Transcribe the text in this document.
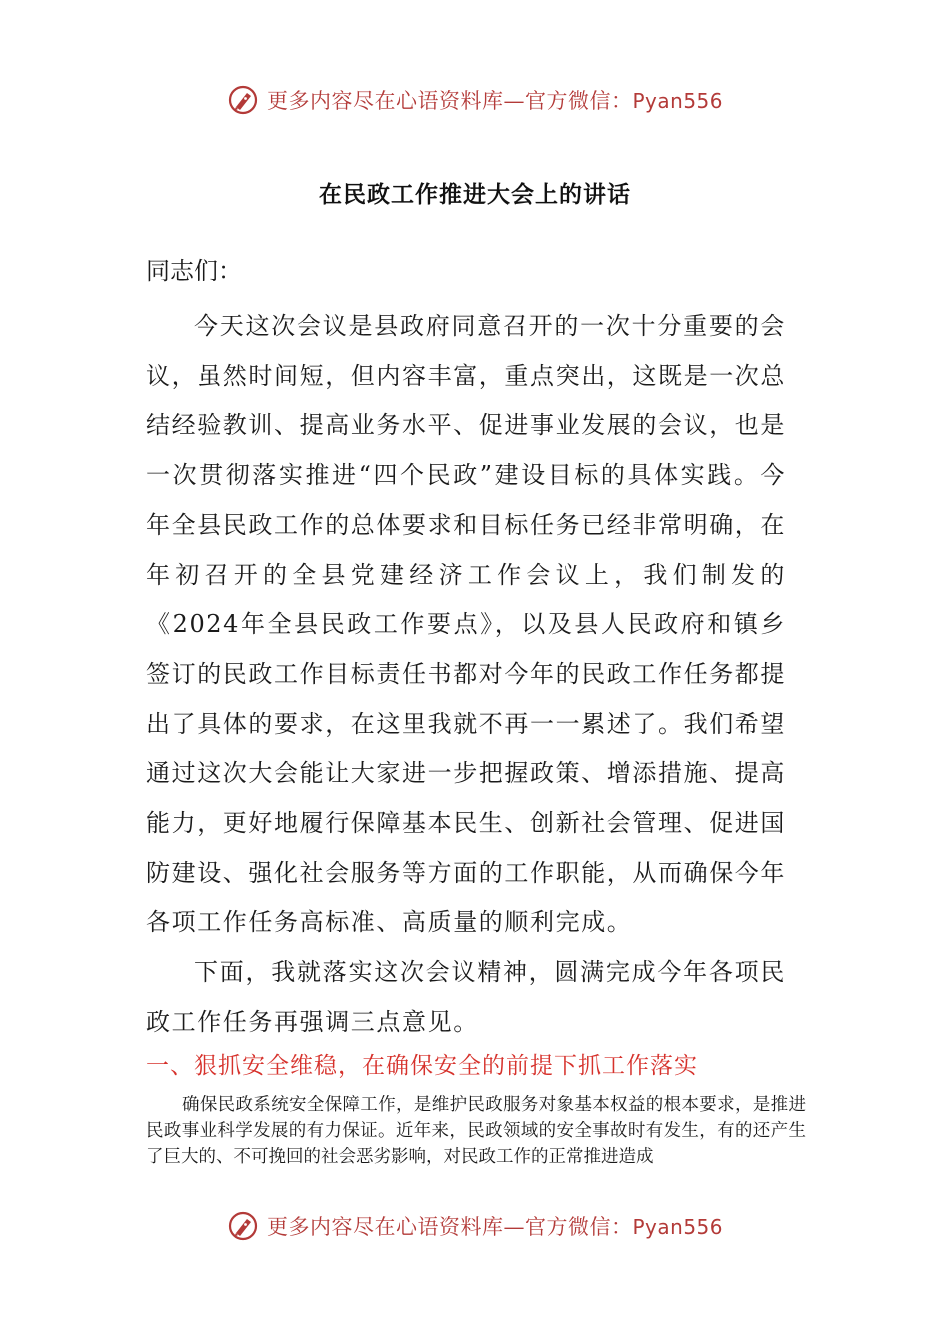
更多内容尽在心语资料库—官方微信：Pyan556
在民政工作推进大会上的讲话
同志们：

今天这次会议是县政府同意召开的一次十分重要的会议，虽然时间短，但内容丰富，重点突出，这既是一次总结经验教训、提高业务水平、促进事业发展的会议，也是一次贯彻落实推进“四个民政”建设目标的具体实践。今年全县民政工作的总体要求和目标任务已经非常明确，在年初召开的全县党建经济工作会议上，我们制发的《2024年全县民政工作要点》，以及县人民政府和镇乡签订的民政工作目标责任书都对今年的民政工作任务都提出了具体的要求，在这里我就不再一一累述了。我们希望通过这次大会能让大家进一步把握政策、增添措施、提高能力，更好地履行保障基本民生、创新社会管理、促进国防建设、强化社会服务等方面的工作职能，从而确保今年各项工作任务高标准、高质量的顺利完成。

下面，我就落实这次会议精神，圆满完成今年各项民政工作任务再强调三点意见。

一、狠抓安全维稳，在确保安全的前提下抓工作落实

确保民政系统安全保障工作，是维护民政服务对象基本权益的根本要求，是推进民政事业科学发展的有力保证。近年来，民政领域的安全事故时有发生，有的还产生了巨大的、不可挽回的社会恶劣影响，对民政工作的正常推进造成

更多内容尽在心语资料库—官方微信：Pyan556
